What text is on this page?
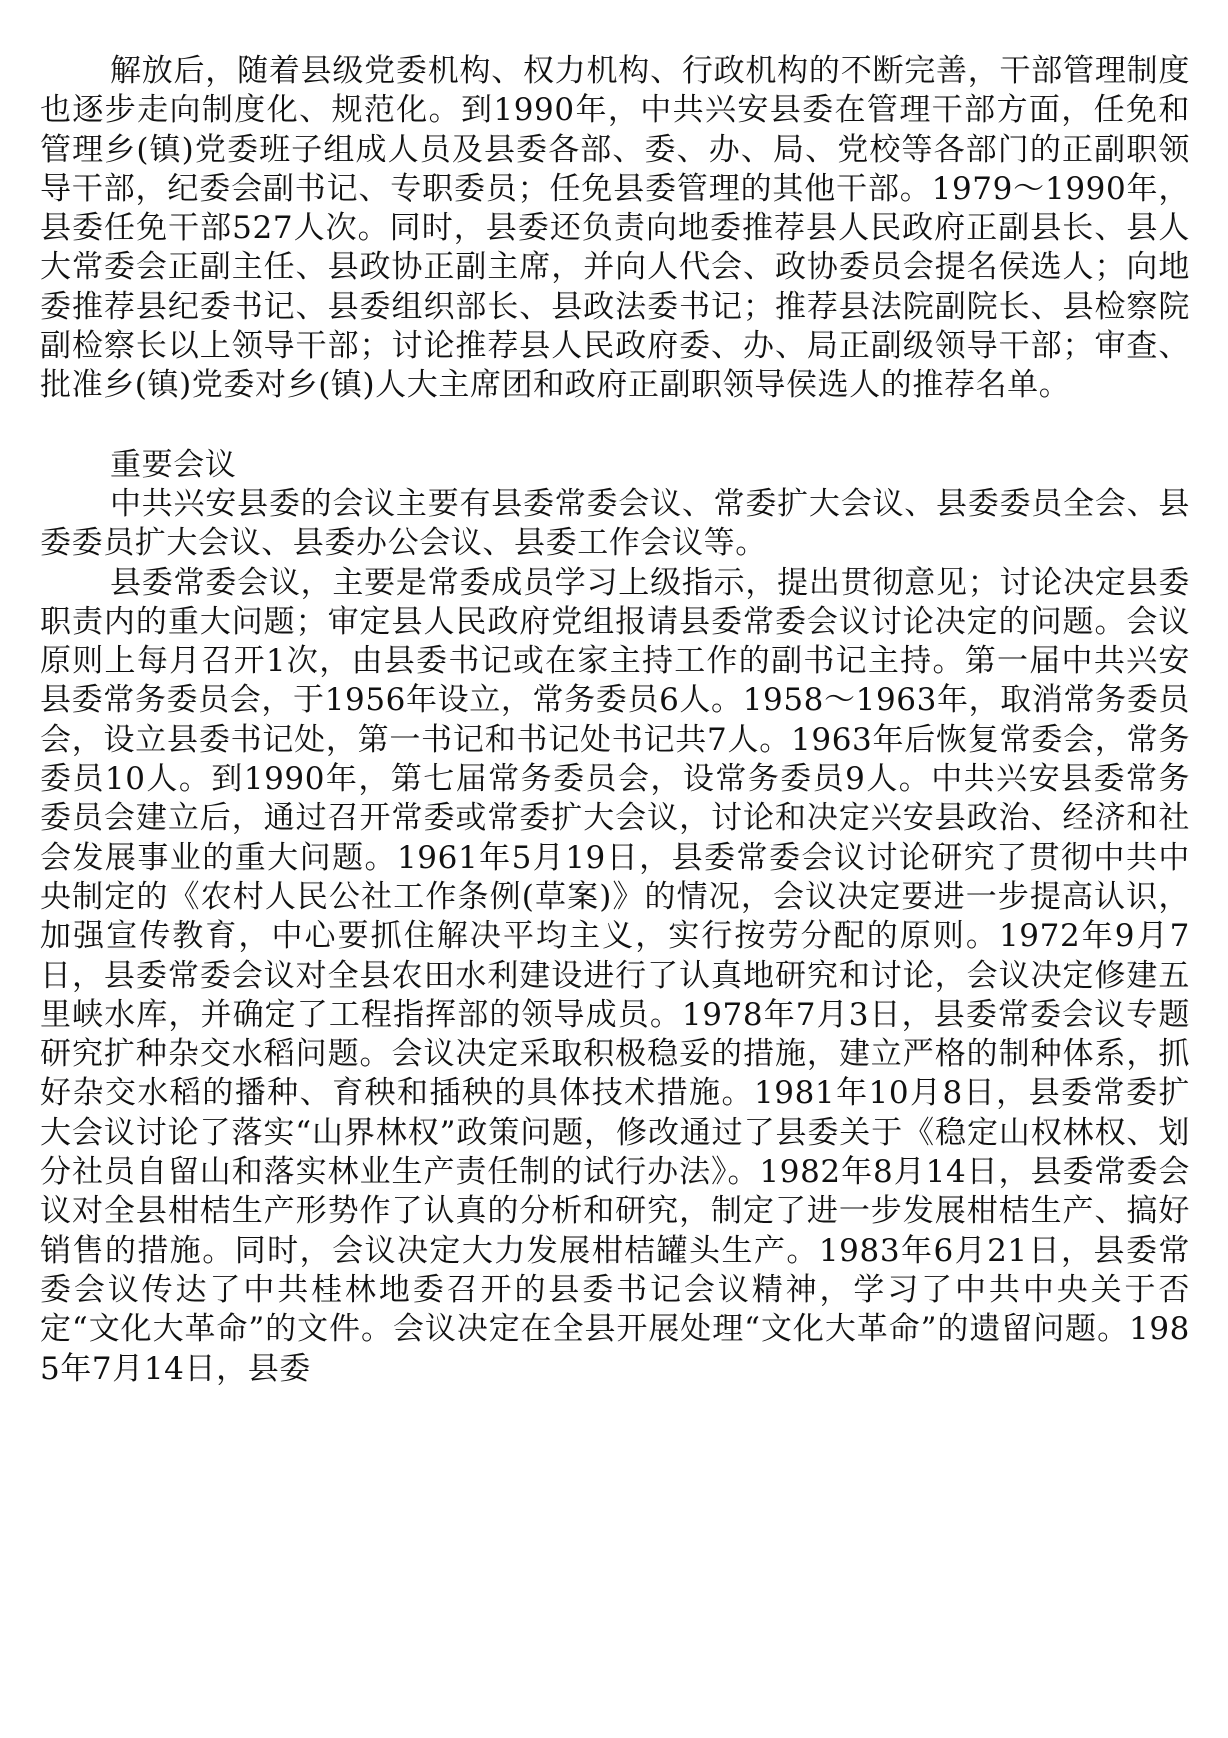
解放后，随着县级党委机构、权力机构、行政机构的不断完善，干部管理制度也逐步走向制度化、规范化。到1990年，中共兴安县委在管理干部方面，任免和管理乡(镇)党委班子组成人员及县委各部、委、办、局、党校等各部门的正副职领导干部，纪委会副书记、专职委员；任免县委管理的其他干部。1979～1990年，县委任免干部527人次。同时，县委还负责向地委推荐县人民政府正副县长、县人大常委会正副主任、县政协正副主席，并向人代会、政协委员会提名侯选人；向地委推荐县纪委书记、县委组织部长、县政法委书记；推荐县法院副院长、县检察院副检察长以上领导干部；讨论推荐县人民政府委、办、局正副级领导干部；审查、批准乡(镇)党委对乡(镇)人大主席团和政府正副职领导侯选人的推荐名单。

重要会议

中共兴安县委的会议主要有县委常委会议、常委扩大会议、县委委员全会、县委委员扩大会议、县委办公会议、县委工作会议等。

县委常委会议，主要是常委成员学习上级指示，提出贯彻意见；讨论决定县委职责内的重大问题；审定县人民政府党组报请县委常委会议讨论决定的问题。会议原则上每月召开1次，由县委书记或在家主持工作的副书记主持。第一届中共兴安县委常务委员会，于1956年设立，常务委员6人。1958～1963年，取消常务委员会，设立县委书记处，第一书记和书记处书记共7人。1963年后恢复常委会，常务委员10人。到1990年，第七届常务委员会，设常务委员9人。中共兴安县委常务委员会建立后，通过召开常委或常委扩大会议，讨论和决定兴安县政治、经济和社会发展事业的重大问题。1961年5月19日，县委常委会议讨论研究了贯彻中共中央制定的《农村人民公社工作条例(草案)》的情况，会议决定要进一步提高认识，加强宣传教育，中心要抓住解决平均主义，实行按劳分配的原则。1972年9月7日，县委常委会议对全县农田水利建设进行了认真地研究和讨论，会议决定修建五里峡水库，并确定了工程指挥部的领导成员。1978年7月3日，县委常委会议专题研究扩种杂交水稻问题。会议决定采取积极稳妥的措施，建立严格的制种体系，抓好杂交水稻的播种、育秧和插秧的具体技术措施。1981年10月8日，县委常委扩大会议讨论了落实“山界林权”政策问题，修改通过了县委关于《稳定山权林权、划分社员自留山和落实林业生产责任制的试行办法》。1982年8月14日，县委常委会议对全县柑桔生产形势作了认真的分析和研究，制定了进一步发展柑桔生产、搞好销售的措施。同时，会议决定大力发展柑桔罐头生产。1983年6月21日，县委常委会议传达了中共桂林地委召开的县委书记会议精神，学习了中共中央关于否定“文化大革命”的文件。会议决定在全县开展处理“文化大革命”的遗留问题。1985年7月14日，县委
